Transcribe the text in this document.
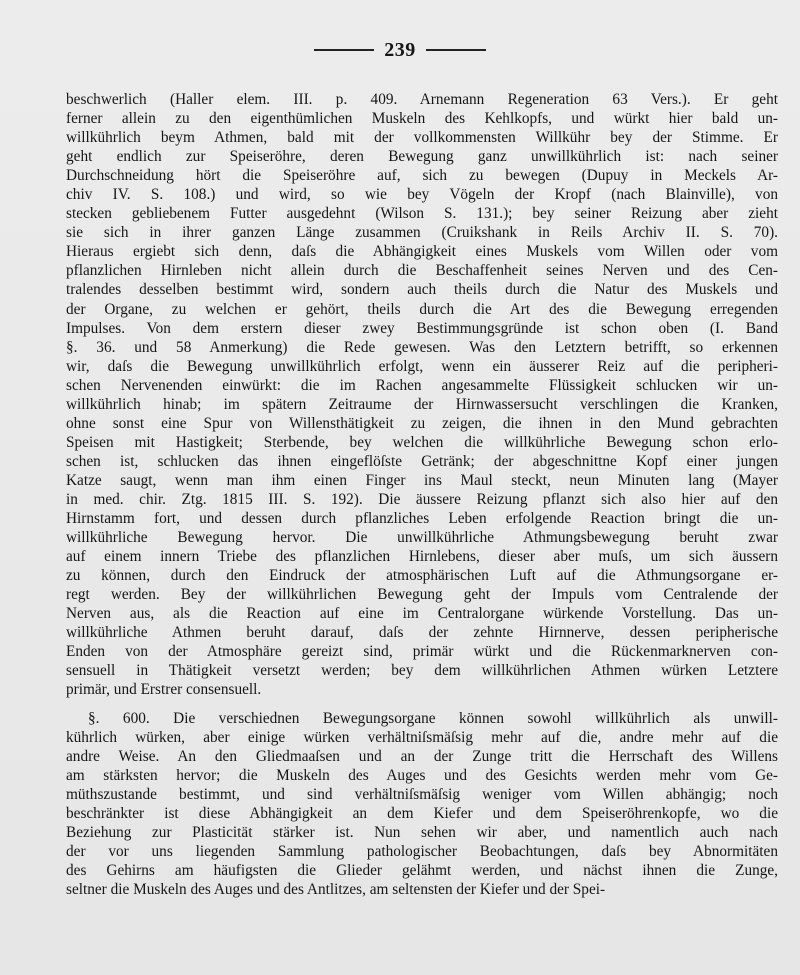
239
beschwerlich (Haller elem. III. p. 409. Arnemann Regeneration 63 Vers.). Er geht
ferner allein zu den eigenthümlichen Muskeln des Kehlkopfs, und würkt hier bald un-
willkührlich beym Athmen, bald mit der vollkommensten Willkühr bey der Stimme. Er
geht endlich zur Speiseröhre, deren Bewegung ganz unwillkührlich ist: nach seiner
Durchschneidung hört die Speiseröhre auf, sich zu bewegen (Dupuy in Meckels Ar-
chiv IV. S. 108.) und wird, so wie bey Vögeln der Kropf (nach Blainville), von
stecken gebliebenem Futter ausgedehnt (Wilson S. 131.); bey seiner Reizung aber zieht
sie sich in ihrer ganzen Länge zusammen (Cruikshank in Reils Archiv II. S. 70).
Hieraus ergiebt sich denn, daſs die Abhängigkeit eines Muskels vom Willen oder vom
pflanzlichen Hirnleben nicht allein durch die Beschaffenheit seines Nerven und des Cen-
tralendes desselben bestimmt wird, sondern auch theils durch die Natur des Muskels und
der Organe, zu welchen er gehört, theils durch die Art des die Bewegung erregenden
Impulses. Von dem erstern dieser zwey Bestimmungsgründe ist schon oben (I. Band
§. 36. und 58 Anmerkung) die Rede gewesen. Was den Letztern betrifft, so erkennen
wir, daſs die Bewegung unwillkührlich erfolgt, wenn ein äusserer Reiz auf die peripheri-
schen Nervenenden einwürkt: die im Rachen angesammelte Flüssigkeit schlucken wir un-
willkührlich hinab; im spätern Zeitraume der Hirnwassersucht verschlingen die Kranken,
ohne sonst eine Spur von Willensthätigkeit zu zeigen, die ihnen in den Mund gebrachten
Speisen mit Hastigkeit; Sterbende, bey welchen die willkührliche Bewegung schon erlo-
schen ist, schlucken das ihnen eingeflöſste Getränk; der abgeschnittne Kopf einer jungen
Katze saugt, wenn man ihm einen Finger ins Maul steckt, neun Minuten lang (Mayer
in med. chir. Ztg. 1815 III. S. 192). Die äussere Reizung pflanzt sich also hier auf den
Hirnstamm fort, und dessen durch pflanzliches Leben erfolgende Reaction bringt die un-
willkührliche Bewegung hervor. Die unwillkührliche Athmungsbewegung beruht zwar
auf einem innern Triebe des pflanzlichen Hirnlebens, dieser aber muſs, um sich äussern
zu können, durch den Eindruck der atmosphärischen Luft auf die Athmungsorgane er-
regt werden. Bey der willkührlichen Bewegung geht der Impuls vom Centralende der
Nerven aus, als die Reaction auf eine im Centralorgane würkende Vorstellung. Das un-
willkührliche Athmen beruht darauf, daſs der zehnte Hirnnerve, dessen peripherische
Enden von der Atmosphäre gereizt sind, primär würkt und die Rückenmarknerven con-
sensuell in Thätigkeit versetzt werden; bey dem willkührlichen Athmen würken Letztere
primär, und Erstrer consensuell.
§. 600. Die verschiednen Bewegungsorgane können sowohl willkührlich als unwill-
kührlich würken, aber einige würken verhältniſsmäſsig mehr auf die, andre mehr auf die
andre Weise. An den Gliedmaaſsen und an der Zunge tritt die Herrschaft des Willens
am stärksten hervor; die Muskeln des Auges und des Gesichts werden mehr vom Ge-
müthszustande bestimmt, und sind verhältniſsmäſsig weniger vom Willen abhängig; noch
beschränkter ist diese Abhängigkeit an dem Kiefer und dem Speiseröhrenkopfe, wo die
Beziehung zur Plasticität stärker ist. Nun sehen wir aber, und namentlich auch nach
der vor uns liegenden Sammlung pathologischer Beobachtungen, daſs bey Abnormitäten
des Gehirns am häufigsten die Glieder gelähmt werden, und nächst ihnen die Zunge,
seltner die Muskeln des Auges und des Antlitzes, am seltensten der Kiefer und der Spei-
